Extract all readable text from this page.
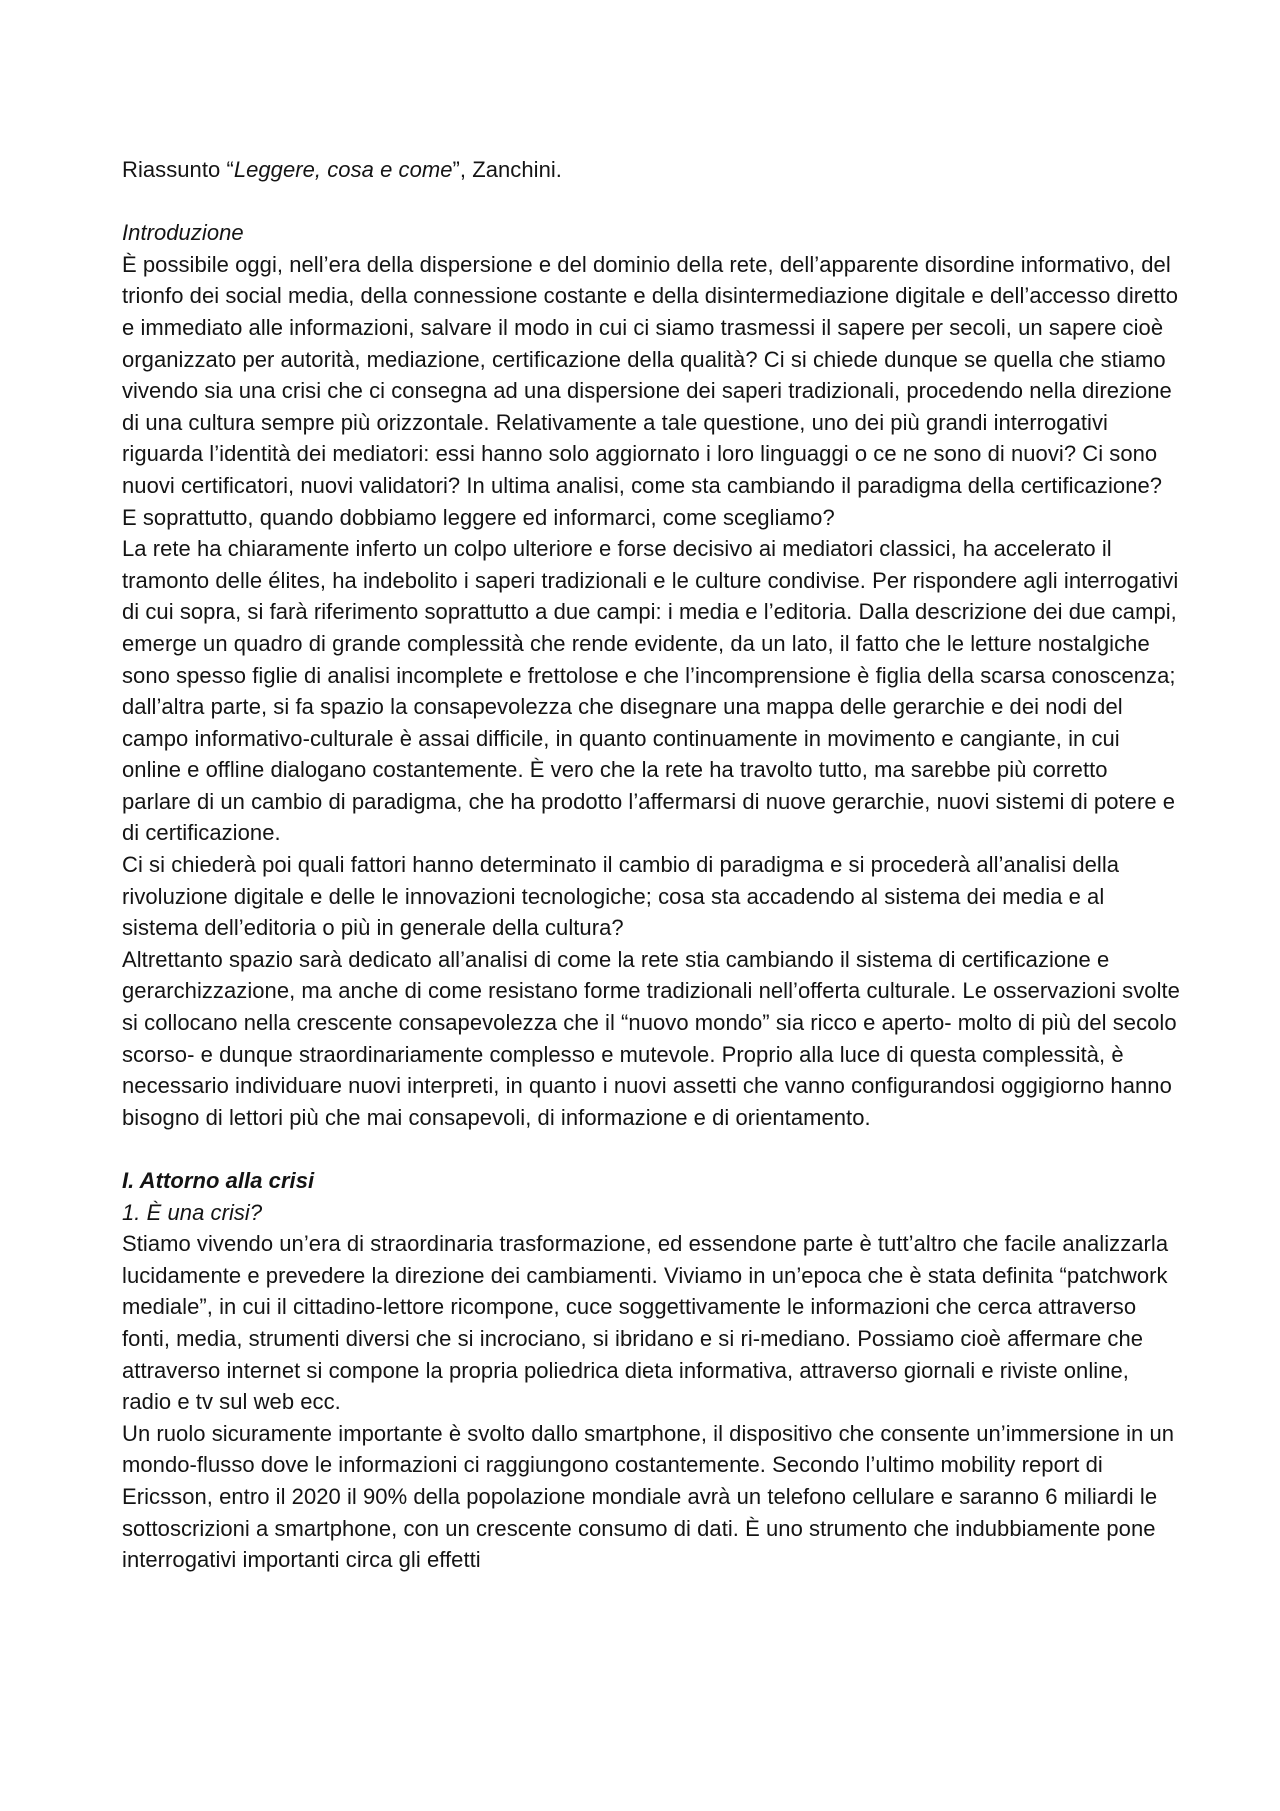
Riassunto “Leggere, cosa e come”, Zanchini.

Introduzione

È possibile oggi, nell’era della dispersione e del dominio della rete, dell’apparente disordine informativo, del trionfo dei social media, della connessione costante e della disintermediazione digitale e dell’accesso diretto e immediato alle informazioni, salvare il modo in cui ci siamo trasmessi il sapere per secoli, un sapere cioè organizzato per autorità, mediazione, certificazione della qualità? Ci si chiede dunque se quella che stiamo vivendo sia una crisi che ci consegna ad una dispersione dei saperi tradizionali, procedendo nella direzione di una cultura sempre più orizzontale. Relativamente a tale questione, uno dei più grandi interrogativi riguarda l’identità dei mediatori: essi hanno solo aggiornato i loro linguaggi o ce ne sono di nuovi? Ci sono nuovi certificatori, nuovi validatori? In ultima analisi, come sta cambiando il paradigma della certificazione? E soprattutto, quando dobbiamo leggere ed informarci, come scegliamo?

La rete ha chiaramente inferto un colpo ulteriore e forse decisivo ai mediatori classici, ha accelerato il tramonto delle élites, ha indebolito i saperi tradizionali e le culture condivise. Per rispondere agli interrogativi di cui sopra, si farà riferimento soprattutto a due campi: i media e l’editoria. Dalla descrizione dei due campi, emerge un quadro di grande complessità che rende evidente, da un lato, il fatto che le letture nostalgiche sono spesso figlie di analisi incomplete e frettolose e che l’incomprensione è figlia della scarsa conoscenza; dall’altra parte, si fa spazio la consapevolezza che disegnare una mappa delle gerarchie e dei nodi del campo informativo-culturale è assai difficile, in quanto continuamente in movimento e cangiante, in cui online e offline dialogano costantemente. È vero che la rete ha travolto tutto, ma sarebbe più corretto parlare di un cambio di paradigma, che ha prodotto l’affermarsi di nuove gerarchie, nuovi sistemi di potere e di certificazione.

Ci si chiederà poi quali fattori hanno determinato il cambio di paradigma e si procederà all’analisi della rivoluzione digitale e delle le innovazioni tecnologiche; cosa sta accadendo al sistema dei media e al sistema dell’editoria o più in generale della cultura?

Altrettanto spazio sarà dedicato all’analisi di come la rete stia cambiando il sistema di certificazione e gerarchizzazione, ma anche di come resistano forme tradizionali nell’offerta culturale. Le osservazioni svolte si collocano nella crescente consapevolezza che il “nuovo mondo” sia ricco e aperto- molto di più del secolo scorso- e dunque straordinariamente complesso e mutevole. Proprio alla luce di questa complessità, è necessario individuare nuovi interpreti, in quanto i nuovi assetti che vanno configurandosi oggigiorno hanno bisogno di lettori più che mai consapevoli, di informazione e di orientamento.

I. Attorno alla crisi

1. È una crisi?

Stiamo vivendo un’era di straordinaria trasformazione, ed essendone parte è tutt’altro che facile analizzarla lucidamente e prevedere la direzione dei cambiamenti. Viviamo in un’epoca che è stata definita “patchwork mediale”, in cui il cittadino-lettore ricompone, cuce soggettivamente le informazioni che cerca attraverso fonti, media, strumenti diversi che si incrociano, si ibridano e si ri-mediano. Possiamo cioè affermare che attraverso internet si compone la propria poliedrica dieta informativa, attraverso giornali e riviste online, radio e tv sul web ecc.

Un ruolo sicuramente importante è svolto dallo smartphone, il dispositivo che consente un’immersione in un mondo-flusso dove le informazioni ci raggiungono costantemente. Secondo l’ultimo mobility report di Ericsson, entro il 2020 il 90% della popolazione mondiale avrà un telefono cellulare e saranno 6 miliardi le sottoscrizioni a smartphone, con un crescente consumo di dati. È uno strumento che indubbiamente pone interrogativi importanti circa gli effetti
